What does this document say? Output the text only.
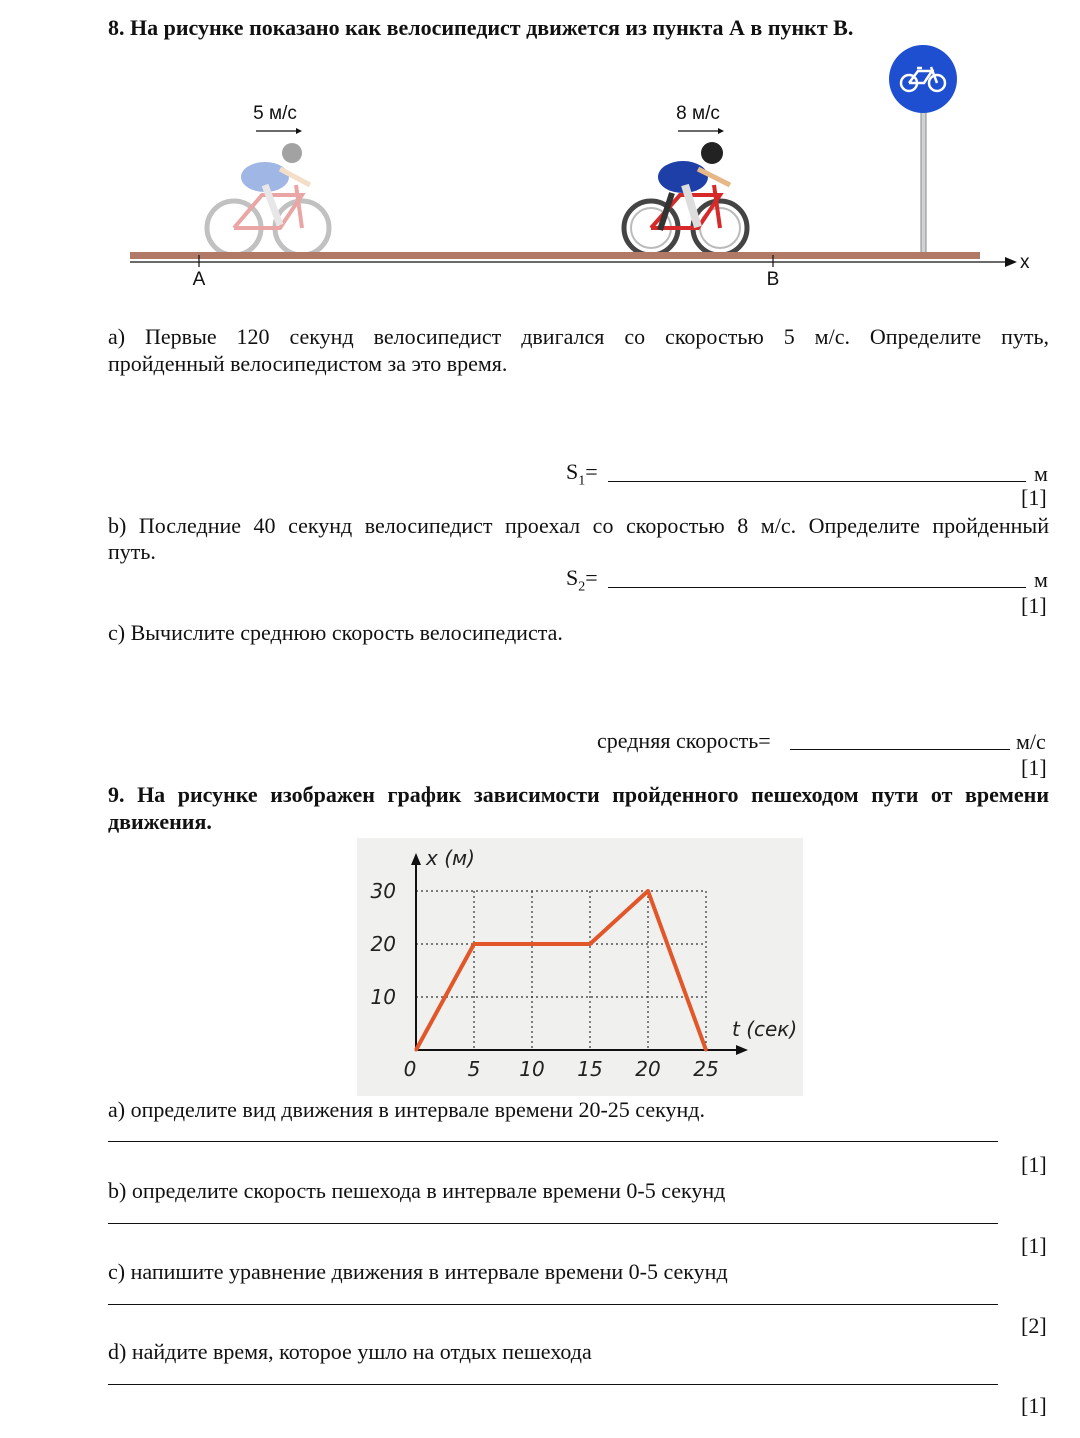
8. На рисунке показано как велосипедист движется из пункта А в пункт В.
5 м/с	8 м/с
x
A	B
a) Первые 120 секунд велосипедист двигался со скоростью 5 м/с. Определите путь,
пройденный велосипедистом за это время.
$S_1=$	м
[1]
b) Последние 40 секунд велосипедист проехал со скоростью 8 м/с. Определите пройденный
путь.
$S_2=$	м
[1]
c) Вычислите среднюю скорость велосипедиста.
средняя скорость=	м/с
[1]
9. На рисунке изображен график зависимости пройденного пешеходом пути от времени
движения.
0	5 10 15 20 25
10
20
30
x (м)
t (сек)
a) определите вид движения в интервале времени 20-25 секунд.
[1]
b) определите скорость пешехода в интервале времени 0-5 секунд
[1]
c) напишите уравнение движения в интервале времени 0-5 секунд
[2]
d) найдите время, которое ушло на отдых пешехода
[1]
